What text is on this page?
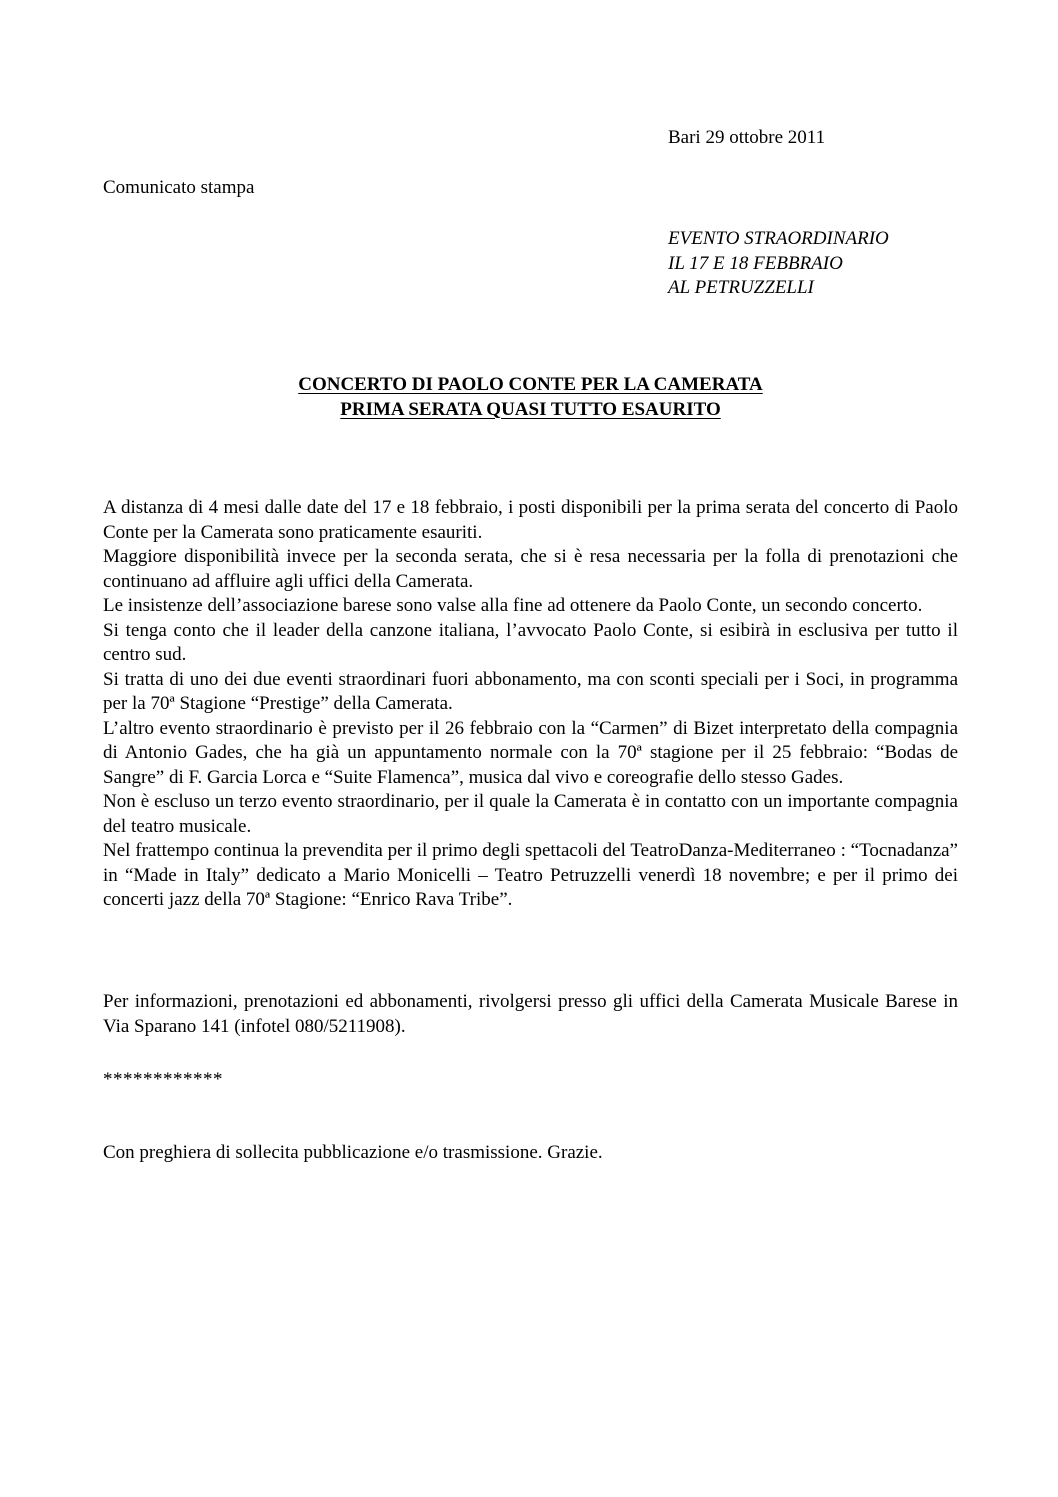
Bari 29 ottobre 2011
Comunicato stampa
EVENTO STRAORDINARIO
IL 17 E 18 FEBBRAIO
AL PETRUZZELLI
CONCERTO DI PAOLO CONTE PER LA CAMERATA
PRIMA SERATA QUASI TUTTO ESAURITO

A distanza di 4 mesi dalle date del 17 e 18 febbraio, i posti disponibili per la prima serata del concerto di Paolo Conte per la Camerata sono praticamente esauriti.

Maggiore disponibilità invece per la seconda serata, che si è resa necessaria per la folla di prenotazioni che continuano ad affluire agli uffici della Camerata.

Le insistenze dell’associazione barese sono valse alla fine ad ottenere da Paolo Conte, un secondo concerto.

Si tenga conto che il leader della canzone italiana, l’avvocato Paolo Conte, si esibirà in esclusiva per tutto il centro sud.

Si tratta di uno dei due eventi straordinari fuori abbonamento, ma con sconti speciali per i Soci, in programma per la 70ª Stagione “Prestige” della Camerata.

L’altro evento straordinario è previsto per il 26 febbraio con la “Carmen” di Bizet interpretato della compagnia di Antonio Gades, che ha già un appuntamento normale con la 70ª stagione per il 25 febbraio: “Bodas de Sangre” di F. Garcia Lorca e “Suite Flamenca”, musica dal vivo e coreografie dello stesso Gades.

Non è escluso un terzo evento straordinario, per il quale la Camerata è in contatto con un importante compagnia del teatro musicale.

Nel frattempo continua la prevendita per il primo degli spettacoli del TeatroDanza-Mediterraneo : “Tocnadanza” in “Made in Italy” dedicato a Mario Monicelli – Teatro Petruzzelli venerdì 18 novembre; e per il primo dei concerti jazz della 70ª Stagione: “Enrico Rava Tribe”.

Per informazioni, prenotazioni ed abbonamenti, rivolgersi presso gli uffici della Camerata Musicale Barese in Via Sparano 141 (infotel 080/5211908).
************
Con preghiera di sollecita pubblicazione e/o trasmissione. Grazie.
